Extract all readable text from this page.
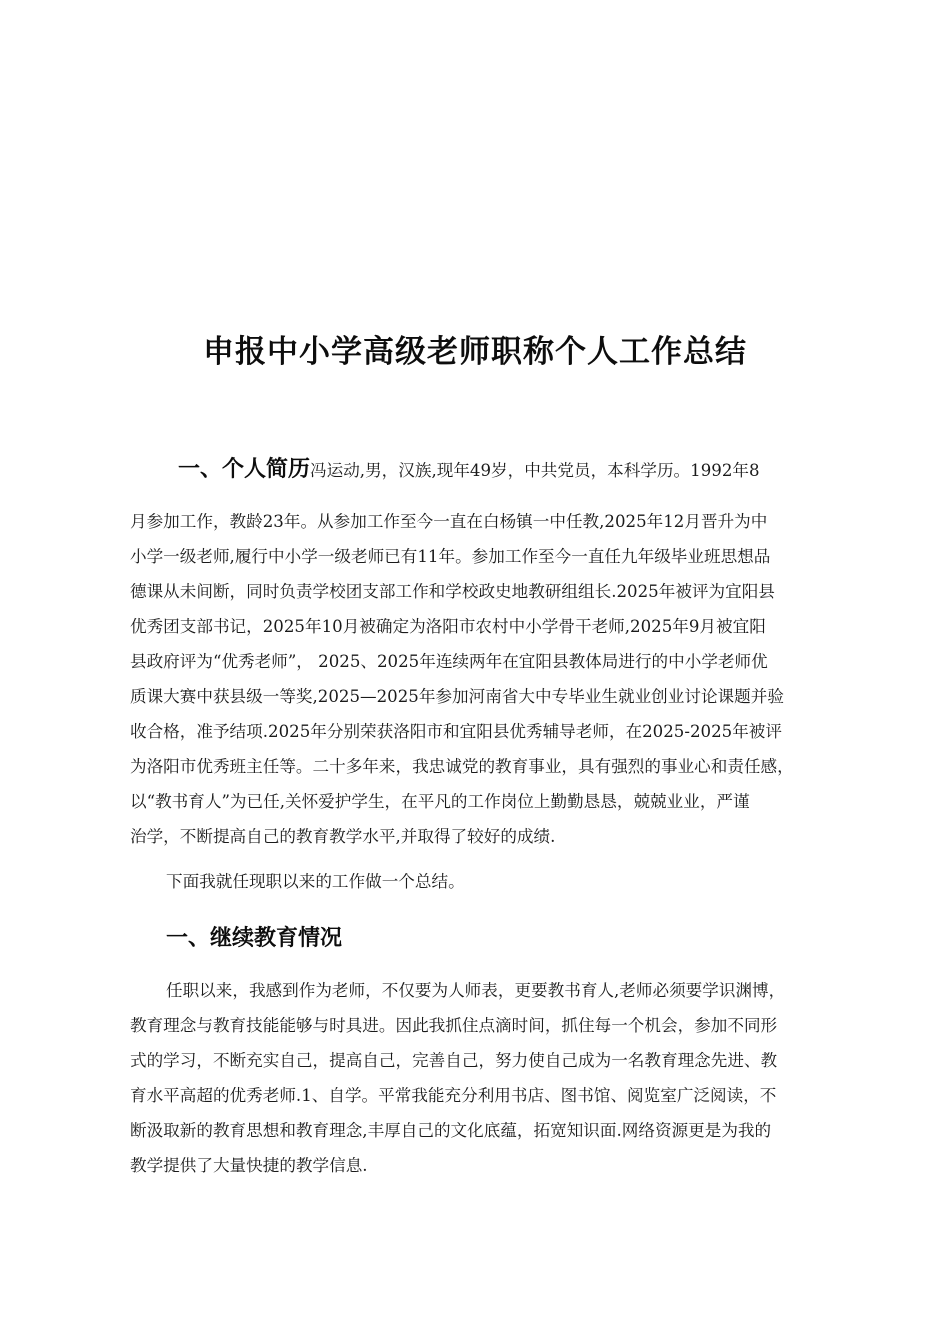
申报中小学高级老师职称个人工作总结
一、个人简历冯运动,男，汉族,现年49岁，中共党员，本科学历。1992年8
月参加工作，教龄23年。从参加工作至今一直在白杨镇一中任教,2025年12月晋升为中
小学一级老师,履行中小学一级老师已有11年。参加工作至今一直任九年级毕业班思想品
德课从未间断，同时负责学校团支部工作和学校政史地教研组组长.2025年被评为宜阳县
优秀团支部书记，2025年10月被确定为洛阳市农村中小学骨干老师,2025年9月被宜阳
县政府评为“优秀老师”， 2025、2025年连续两年在宜阳县教体局进行的中小学老师优
质课大赛中获县级一等奖,2025—2025年参加河南省大中专毕业生就业创业讨论课题并验
收合格，准予结项.2025年分别荣获洛阳市和宜阳县优秀辅导老师，在2025-2025年被评
为洛阳市优秀班主任等。二十多年来，我忠诚党的教育事业，具有强烈的事业心和责任感，
以“教书育人”为已任,关怀爱护学生，在平凡的工作岗位上勤勤恳恳，兢兢业业，严谨
治学，不断提高自己的教育教学水平,并取得了较好的成绩.
下面我就任现职以来的工作做一个总结。
一、继续教育情况
任职以来，我感到作为老师，不仅要为人师表，更要教书育人,老师必须要学识渊博，
教育理念与教育技能能够与时具进。因此我抓住点滴时间，抓住每一个机会，参加不同形
式的学习，不断充实自己，提高自己，完善自己，努力使自己成为一名教育理念先进、教
育水平高超的优秀老师.1、自学。平常我能充分利用书店、图书馆、阅览室广泛阅读，不
断汲取新的教育思想和教育理念,丰厚自己的文化底蕴，拓宽知识面.网络资源更是为我的
教学提供了大量快捷的教学信息.
